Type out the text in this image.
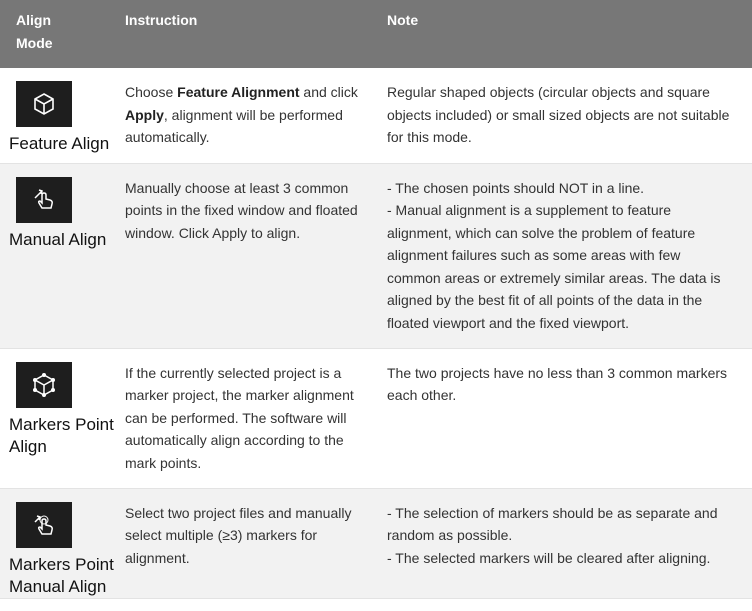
Align
Mode	Instruction	Note

Feature Align	Choose Feature Alignment and click Apply, alignment will be performed automatically.	Regular shaped objects (circular objects and square objects included) or small sized objects are not suitable for this mode.

Manual Align	Manually choose at least 3 common points in the fixed window and floated window. Click Apply to align.	- The chosen points should NOT in a line.
- Manual alignment is a supplement to feature alignment, which can solve the problem of feature alignment failures such as some areas with few common areas or extremely similar areas. The data is aligned by the best fit of all points of the data in the floated viewport and the fixed viewport.

Markers Point Align	If the currently selected project is a marker project, the marker alignment can be performed. The software will automatically align according to the mark points.	The two projects have no less than 3 common markers each other.

Markers Point Manual Align	Select two project files and manually select multiple (≥3) markers for alignment.	- The selection of markers should be as separate and random as possible.
- The selected markers will be cleared after aligning.
